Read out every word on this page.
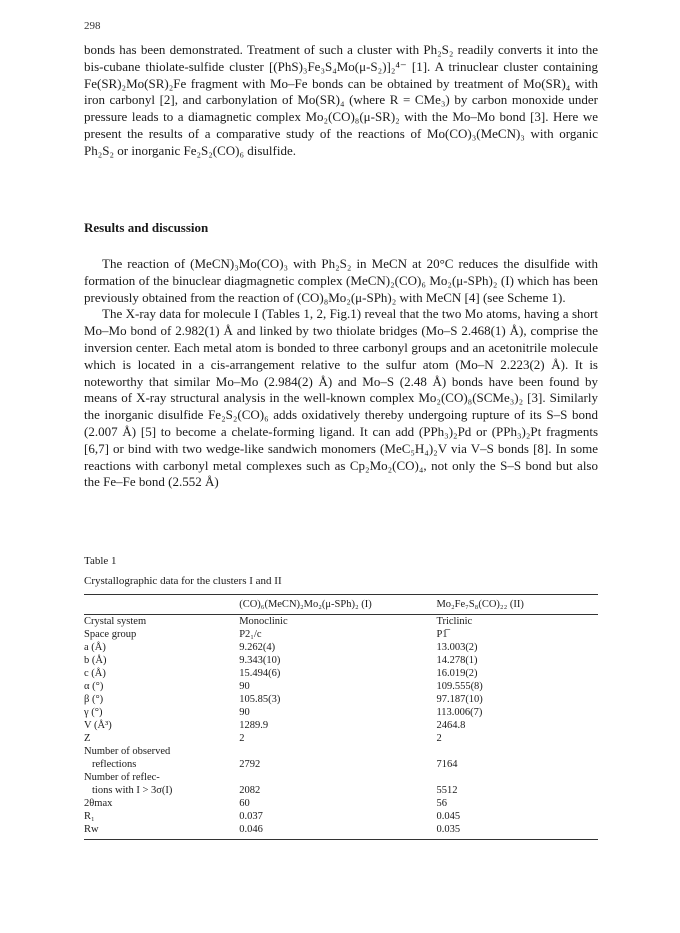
298

bonds has been demonstrated. Treatment of such a cluster with Ph₂S₂ readily converts it into the bis-cubane thiolate-sulfide cluster [(PhS)₃Fe₃S₄Mo(μ-S₂)]₂⁴⁻ [1]. A trinuclear cluster containing Fe(SR)₂Mo(SR)₂Fe fragment with Mo–Fe bonds can be obtained by treatment of Mo(SR)₄ with iron carbonyl [2], and carbonylation of Mo(SR)₄ (where R = CMe₃) by carbon monoxide under pressure leads to a diamagnetic complex Mo₂(CO)₈(μ-SR)₂ with the Mo–Mo bond [3]. Here we present the results of a comparative study of the reactions of Mo(CO)₃(MeCN)₃ with organic Ph₂S₂ or inorganic Fe₂S₂(CO)₆ disulfide.

Results and discussion

The reaction of (MeCN)₃Mo(CO)₃ with Ph₂S₂ in MeCN at 20°C reduces the disulfide with formation of the binuclear diagmagnetic complex (MeCN)₂(CO)₆ Mo₂(μ-SPh)₂ (I) which has been previously obtained from the reaction of (CO)₈Mo₂(μ-SPh)₂ with MeCN [4] (see Scheme 1).

The X-ray data for molecule I (Tables 1, 2, Fig.1) reveal that the two Mo atoms, having a short Mo–Mo bond of 2.982(1) Å and linked by two thiolate bridges (Mo–S 2.468(1) Å), comprise the inversion center. Each metal atom is bonded to three carbonyl groups and an acetonitrile molecule which is located in a cis-arrangement relative to the sulfur atom (Mo–N 2.223(2) Å). It is noteworthy that similar Mo–Mo (2.984(2) Å) and Mo–S (2.48 Å) bonds have been found by means of X-ray structural analysis in the well-known complex Mo₂(CO)₈(SCMe₃)₂ [3]. Similarly the inorganic disulfide Fe₂S₂(CO)₆ adds oxidatively thereby undergoing rupture of its S–S bond (2.007 Å) [5] to become a chelate-forming ligand. It can add (PPh₃)₂Pd or (PPh₃)₂Pt fragments [6,7] or bind with two wedge-like sandwich monomers (MeC₅H₄)₂V via V–S bonds [8]. In some reactions with carbonyl metal complexes such as Cp₂Mo₂(CO)₄, not only the S–S bond but also the Fe–Fe bond (2.552 Å)

Table 1
Crystallographic data for the clusters I and II
	(CO)₆(MeCN)₂Mo₂(μ-SPh)₂ (I)	Mo₂Fe₇S₈(CO)₂₂ (II)
Crystal system	Monoclinic	Triclinic
Space group	P2₁/c	P1̅
a (Å)	9.262(4)	13.003(2)
b (Å)	9.343(10)	14.278(1)
c (Å)	15.494(6)	16.019(2)
α (°)	90	109.555(8)
β (°)	105.85(3)	97.187(10)
γ (°)	90	113.006(7)
V (Å³)	1289.9	2464.8
Z	2	2
Number of observed		
reflections	2792	7164
Number of reflec-		
tions with I > 3σ(I)	2082	5512
2θmax	60	56
R₁	0.037	0.045
Rw	0.046	0.035
